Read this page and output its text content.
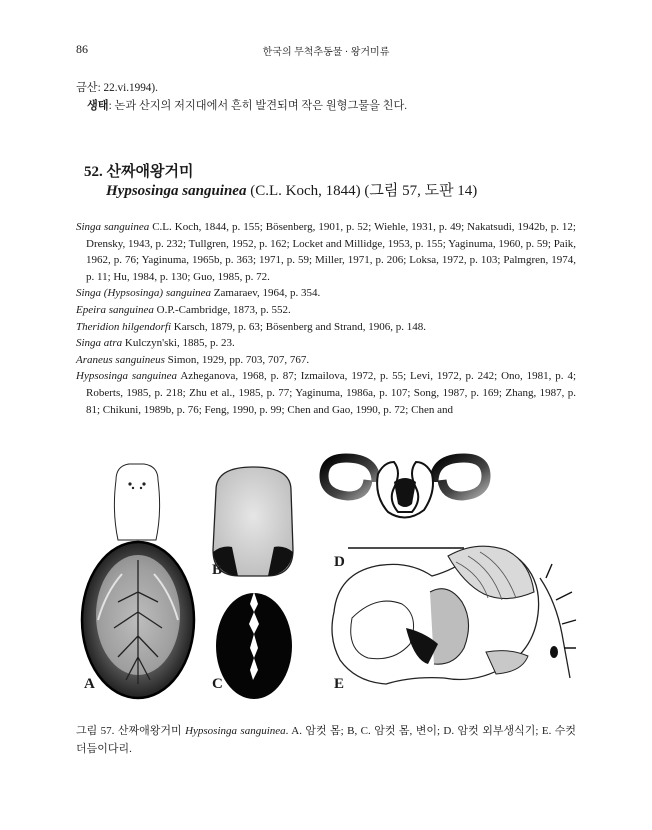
86	한국의 무척추동물 · 왕거미류
금산: 22.vi.1994).
생태: 논과 산지의 저지대에서 흔히 발견되며 작은 원형그물을 친다.
52. 산짜애왕거미
Hypsosinga sanguinea (C.L. Koch, 1844) (그림 57, 도판 14)

Singa sanguinea C.L. Koch, 1844, p. 155; Bösenberg, 1901, p. 52; Wiehle, 1931, p. 49; Nakatsudi, 1942b, p. 12; Drensky, 1943, p. 232; Tullgren, 1952, p. 162; Locket and Millidge, 1953, p. 155; Yaginuma, 1960, p. 59; Paik, 1962, p. 76; Yaginuma, 1965b, p. 363; 1971, p. 59; Miller, 1971, p. 206; Loksa, 1972, p. 103; Palmgren, 1974, p. 11; Hu, 1984, p. 130; Guo, 1985, p. 72.

Singa (Hypsosinga) sanguinea Zamaraev, 1964, p. 354.

Epeira sanguinea O.P.-Cambridge, 1873, p. 552.

Theridion hilgendorfi Karsch, 1879, p. 63; Bösenberg and Strand, 1906, p. 148.

Singa atra Kulczyn'ski, 1885, p. 23.

Araneus sanguineus Simon, 1929, pp. 703, 707, 767.

Hypsosinga sanguinea Azheganova, 1968, p. 87; Izmailova, 1972, p. 55; Levi, 1972, p. 242; Ono, 1981, p. 4; Roberts, 1985, p. 218; Zhu et al., 1985, p. 77; Yaginuma, 1986a, p. 107; Song, 1987, p. 169; Zhang, 1987, p. 81; Chikuni, 1989b, p. 76; Feng, 1990, p. 99; Chen and Gao, 1990, p. 72; Chen and

A
B
C
D
E
그림 57. 산짜애왕거미 Hypsosinga sanguinea. A. 암컷 몸; B, C. 암컷 몸, 변이; D. 암컷 외부생식기; E. 수컷 더듬이다리.
